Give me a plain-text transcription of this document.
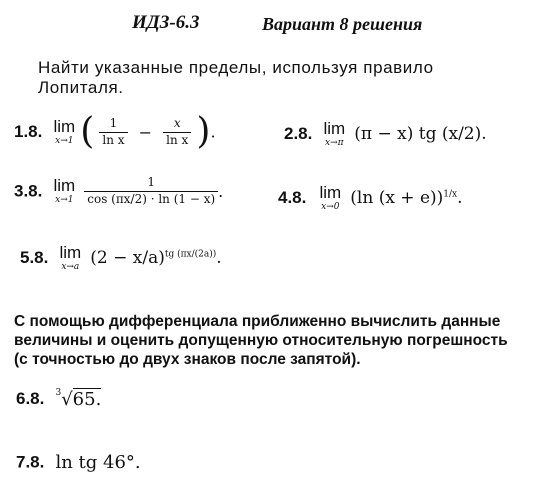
ИДЗ-6.3	Вариант 8 решения
Найти указанные пределы, используя правило Лопиталя.
1.8. lim
x→1 ( $\frac{1}{\text{ln x}} - \frac{x}{\text{ln x}}$ ).	2.8. lim
x→π (π − x) tg (x/2).
3.8. lim
x→1
$\frac{1}{\cos (\pi x/2) \cdot \ln (1 - x)}$ .	4.8. lim
x→0 (ln (x + e))$^{1/x}$.
5.8. lim
x→a $(2 - x/a)^{tg (\pi x/(2a))}$.
С помощью дифференциала приближенно вычислить данные величины и оценить допущенную относительную погрешность (с точностью до двух знаков после запятой).
6.8. $^3$√65.
7.8. ln tg 46°.
